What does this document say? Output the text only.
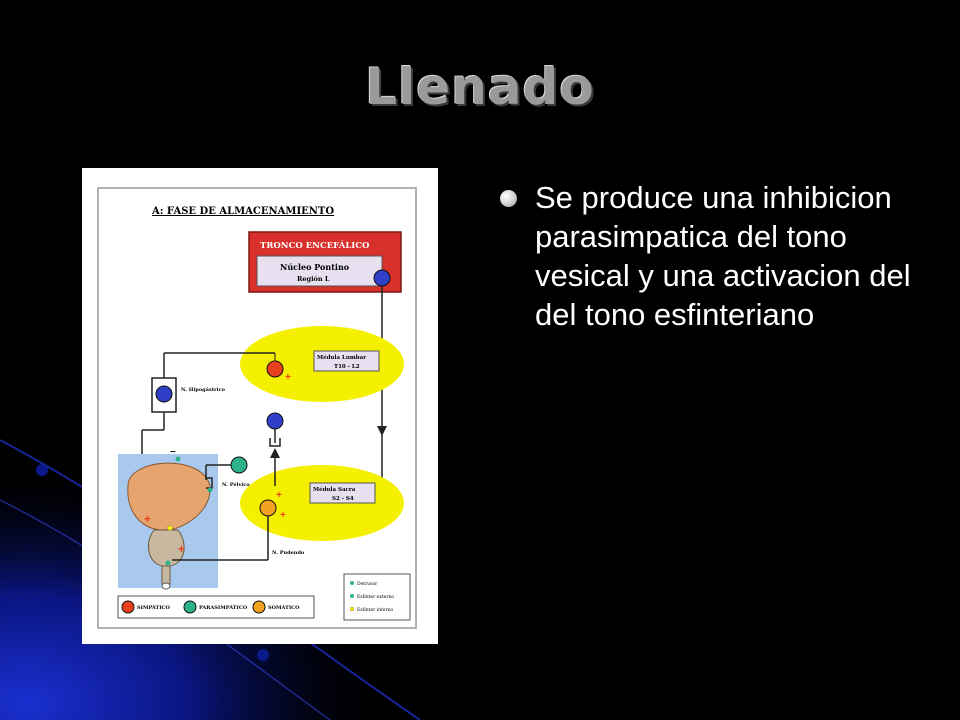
Llenado
A: FASE DE ALMACENAMIENTO
TRONCO ENCEFÁLICO
Núcleo Pontino
Región L
Médula Lumbar
T10 - L2
+
Médula Sacra
S2 - S4
+
+
N. Hipogástrico
−
+
+
N. Pélvico
N. Pudendo
SIMPÁTICO	PARASIMPÁTICO	SOMÁTICO
Detrusor
Esfínter externo
Esfínter interno
Se produce una inhibicion parasimpatica del tono vesical y una activacion del del tono esfinteriano
